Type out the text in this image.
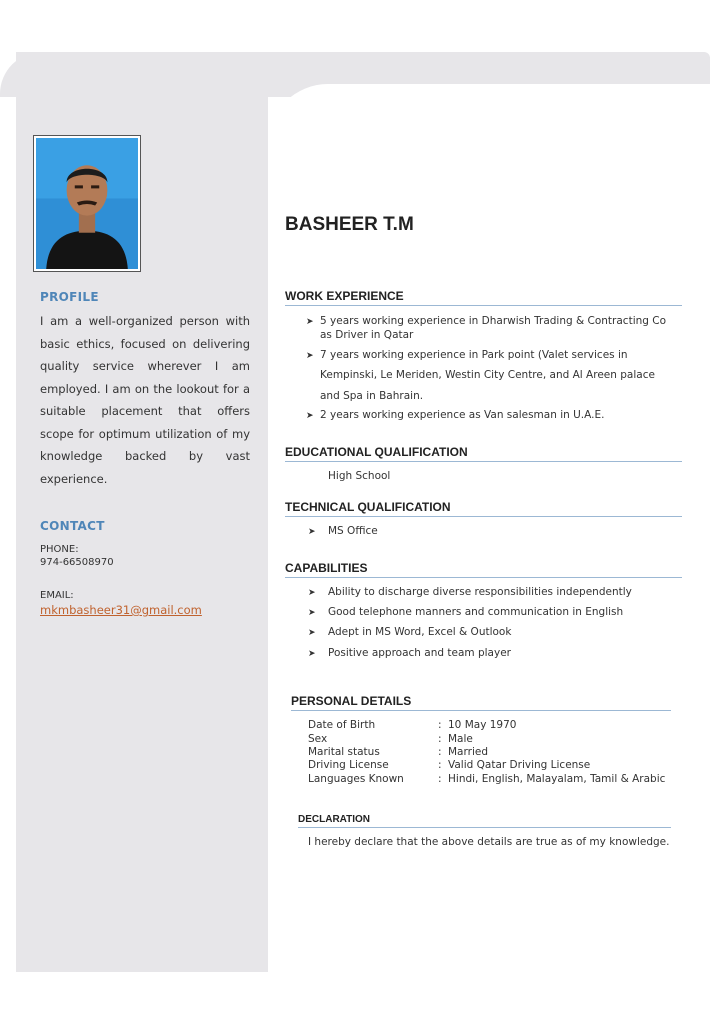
PROFILE
I am a well-organized person with basic ethics, focused on delivering quality service wherever I am employed. I am on the lookout for a suitable placement that offers scope for optimum utilization of my knowledge backed by vast experience.
CONTACT
PHONE:
974-66508970
EMAIL:
mkmbasheer31@gmail.com
BASHEER T.M
WORK EXPERIENCE
➤ 5 years working experience in Dharwish Trading & Contracting Co
as Driver in Qatar
➤ 7 years working experience in Park point (Valet services in
Kempinski, Le Meriden, Westin City Centre, and Al Areen palace
and Spa in Bahrain.
➤ 2 years working experience as Van salesman in U.A.E.
EDUCATIONAL QUALIFICATION
High School
TECHNICAL QUALIFICATION
➤ MS Office
CAPABILITIES
➤ Ability to discharge diverse responsibilities independently
➤ Good telephone manners and communication in English
➤ Adept in MS Word, Excel & Outlook
➤ Positive approach and team player
PERSONAL DETAILS
Date of Birth	: 10 May 1970
Sex	: Male
Marital status	: Married
Driving License	: Valid Qatar Driving License
Languages Known	: Hindi, English, Malayalam, Tamil & Arabic
DECLARATION
I hereby declare that the above details are true as of my knowledge.
